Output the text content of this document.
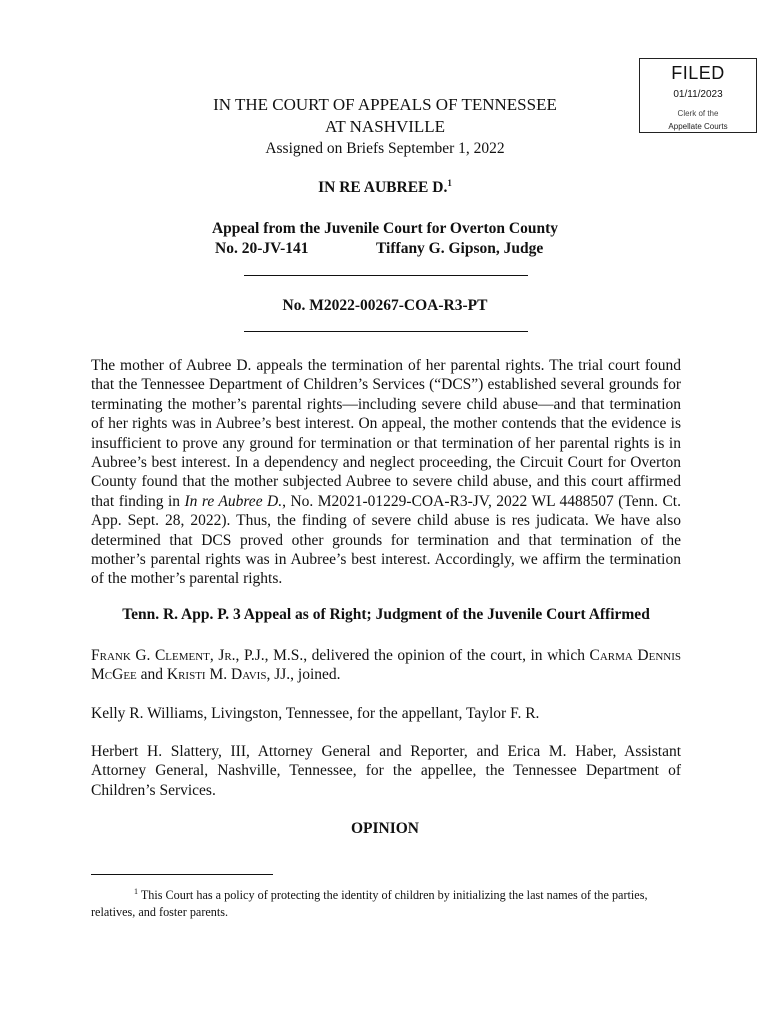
FILED
01/11/2023
Clerk of the
Appellate Courts
IN THE COURT OF APPEALS OF TENNESSEE
AT NASHVILLE
Assigned on Briefs September 1, 2022
IN RE AUBREE D.$^1$
Appeal from the Juvenile Court for Overton County
No. 20-JV-141	Tiffany G. Gipson, Judge
No. M2022-00267-COA-R3-PT

The mother of Aubree D. appeals the termination of her parental rights. The trial court found that the Tennessee Department of Children’s Services (“DCS”) established several grounds for terminating the mother’s parental rights—including severe child abuse—and that termination of her rights was in Aubree’s best interest. On appeal, the mother contends that the evidence is insufficient to prove any ground for termination or that termination of her parental rights is in Aubree’s best interest. In a dependency and neglect proceeding, the Circuit Court for Overton County found that the mother subjected Aubree to severe child abuse, and this court affirmed that finding in In re Aubree D., No. M2021-01229-COA-R3-JV, 2022 WL 4488507 (Tenn. Ct. App. Sept. 28, 2022). Thus, the finding of severe child abuse is res judicata. We have also determined that DCS proved other grounds for termination and that termination of the mother’s parental rights was in Aubree’s best interest. Accordingly, we affirm the termination of the mother’s parental rights.

Tenn. R. App. P. 3 Appeal as of Right; Judgment of the Juvenile Court Affirmed

Frank G. Clement, Jr., P.J., M.S., delivered the opinion of the court, in which Carma Dennis McGee and Kristi M. Davis, JJ., joined.

Kelly R. Williams, Livingston, Tennessee, for the appellant, Taylor F. R.

Herbert H. Slattery, III, Attorney General and Reporter, and Erica M. Haber, Assistant Attorney General, Nashville, Tennessee, for the appellee, the Tennessee Department of Children’s Services.

OPINION
$^1$ This Court has a policy of protecting the identity of children by initializing the last names of the parties, relatives, and foster parents.
